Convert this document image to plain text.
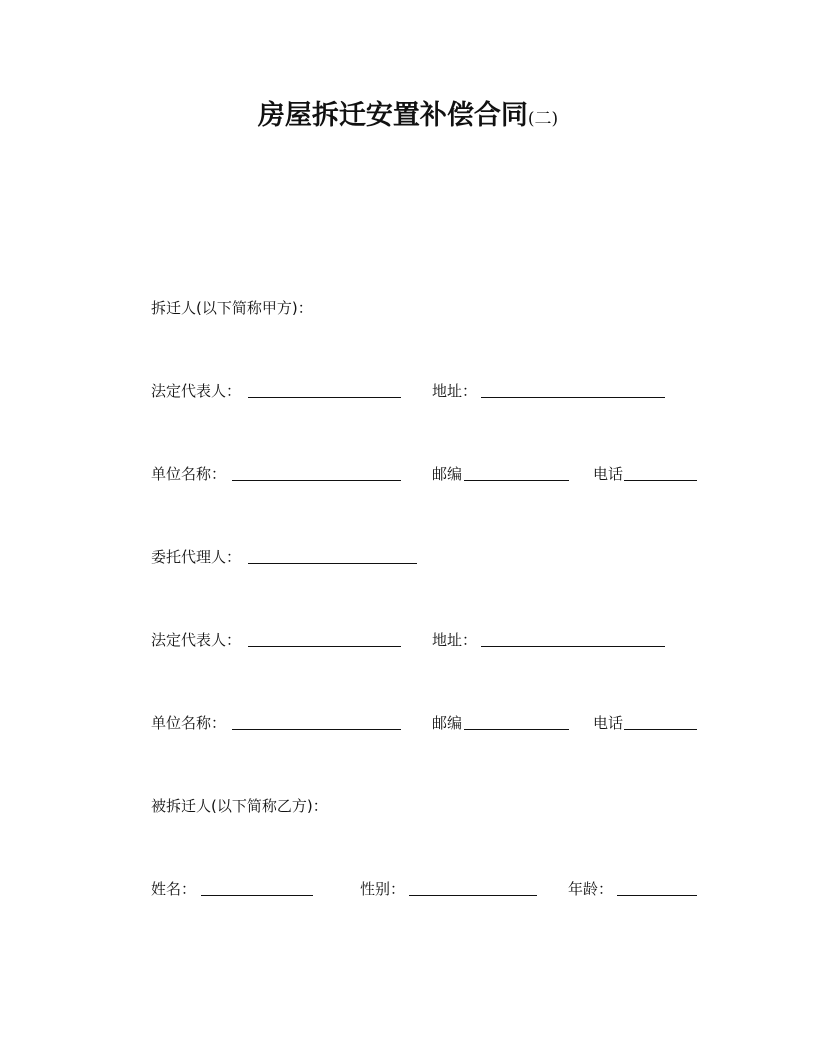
房屋拆迁安置补偿合同(二)
拆迁人(以下简称甲方)：
法定代表人：	地址：
单位名称：	邮编	电话
委托代理人：
法定代表人：	地址：
单位名称：	邮编	电话
被拆迁人(以下简称乙方)：
姓名：	性别：	年龄：
